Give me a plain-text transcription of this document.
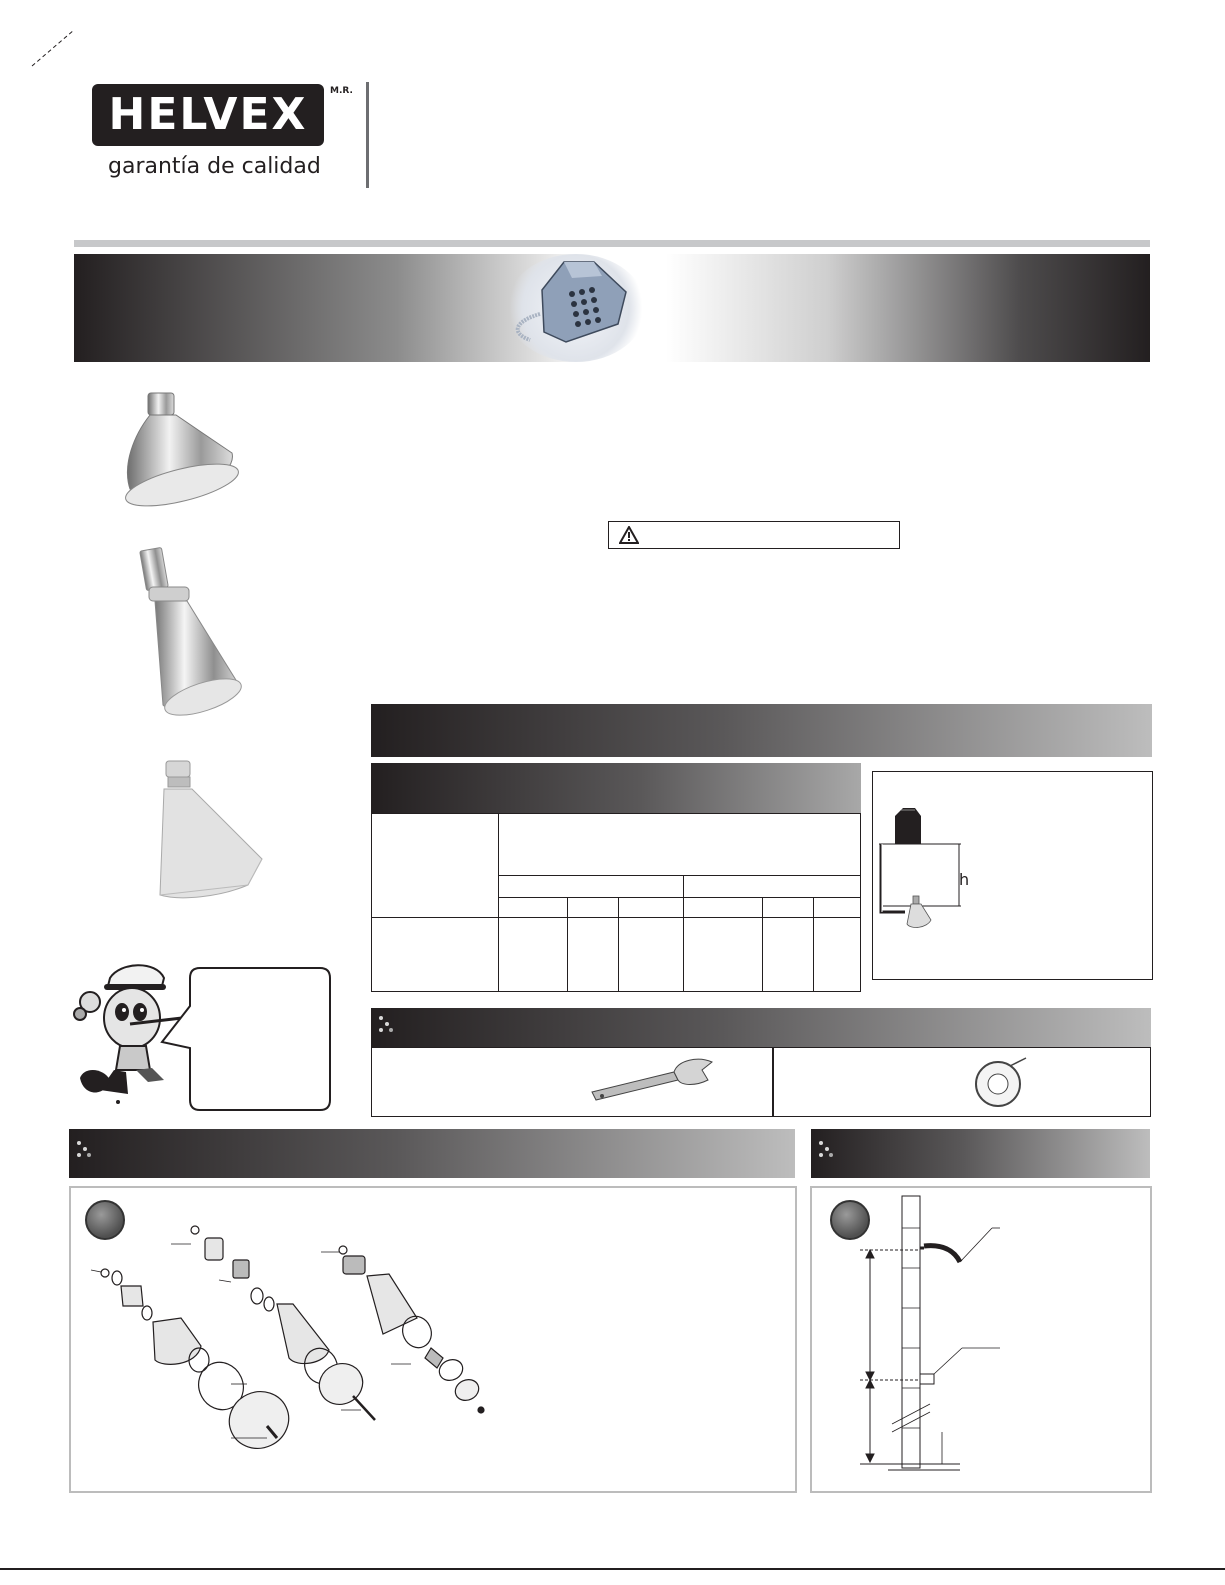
HELVEX	M.R.
garantía de calidad

h
